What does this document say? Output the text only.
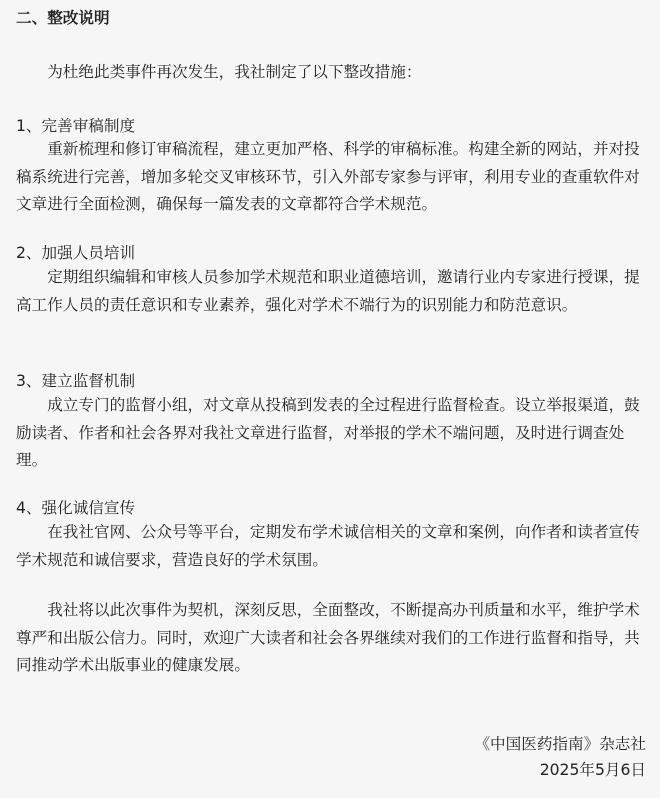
二、整改说明

为杜绝此类事件再次发生，我社制定了以下整改措施：

1、完善审稿制度

重新梳理和修订审稿流程，建立更加严格、科学的审稿标准。构建全新的网站，并对投稿系统进行完善，增加多轮交叉审核环节，引入外部专家参与评审，利用专业的查重软件对文章进行全面检测，确保每一篇发表的文章都符合学术规范。

2、加强人员培训

定期组织编辑和审核人员参加学术规范和职业道德培训，邀请行业内专家进行授课，提高工作人员的责任意识和专业素养，强化对学术不端行为的识别能力和防范意识。

3、建立监督机制

成立专门的监督小组，对文章从投稿到发表的全过程进行监督检查。设立举报渠道，鼓励读者、作者和社会各界对我社文章进行监督，对举报的学术不端问题，及时进行调查处理。

4、强化诚信宣传

在我社官网、公众号等平台，定期发布学术诚信相关的文章和案例，向作者和读者宣传学术规范和诚信要求，营造良好的学术氛围。

我社将以此次事件为契机，深刻反思，全面整改，不断提高办刊质量和水平，维护学术尊严和出版公信力。同时，欢迎广大读者和社会各界继续对我们的工作进行监督和指导，共同推动学术出版事业的健康发展。

《中国医药指南》杂志社
2025年5月6日
